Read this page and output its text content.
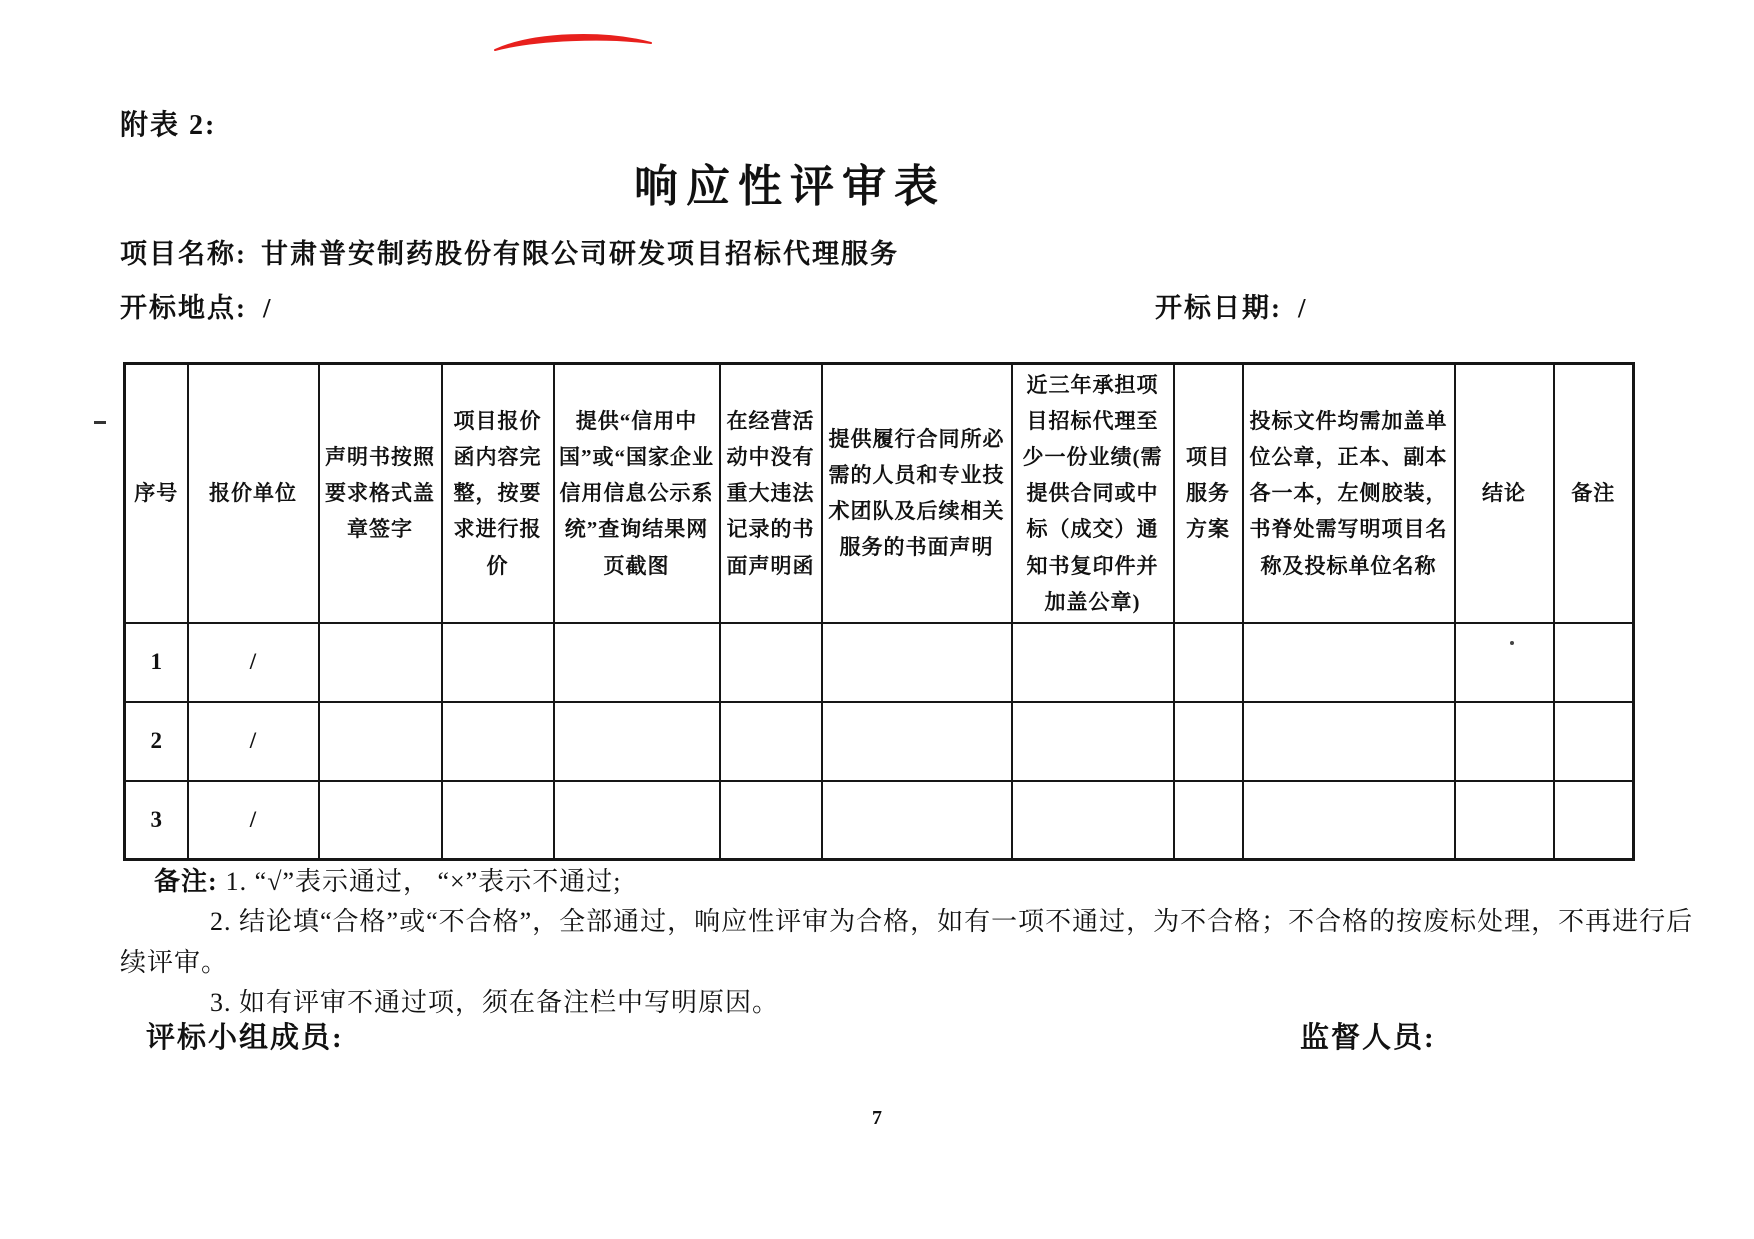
附表 2:
响应性评审表
项目名称: 甘肃普安制药股份有限公司研发项目招标代理服务
开标地点: /	开标日期: /
序号	报价单位	声明书按照要求格式盖章签字	项目报价函内容完整，按要求进行报价	提供“信用中国”或“国家企业信用信息公示系统”查询结果网页截图	在经营活动中没有重大违法记录的书面声明函	提供履行合同所必需的人员和专业技术团队及后续相关服务的书面声明	近三年承担项目招标代理至少一份业绩(需提供合同或中标（成交）通知书复印件并加盖公章)	项目服务方案	投标文件均需加盖单位公章，正本、副本各一本，左侧胶装，书脊处需写明项目名称及投标单位名称	结论	备注
1	/										
2	/										
3	/										
备注: 1. “√”表示通过， “×”表示不通过;
2. 结论填“合格”或“不合格”，全部通过，响应性评审为合格，如有一项不通过，为不合格；不合格的按废标处理，不再进行后续评审。
3. 如有评审不通过项，须在备注栏中写明原因。
评标小组成员:	监督人员:
7
